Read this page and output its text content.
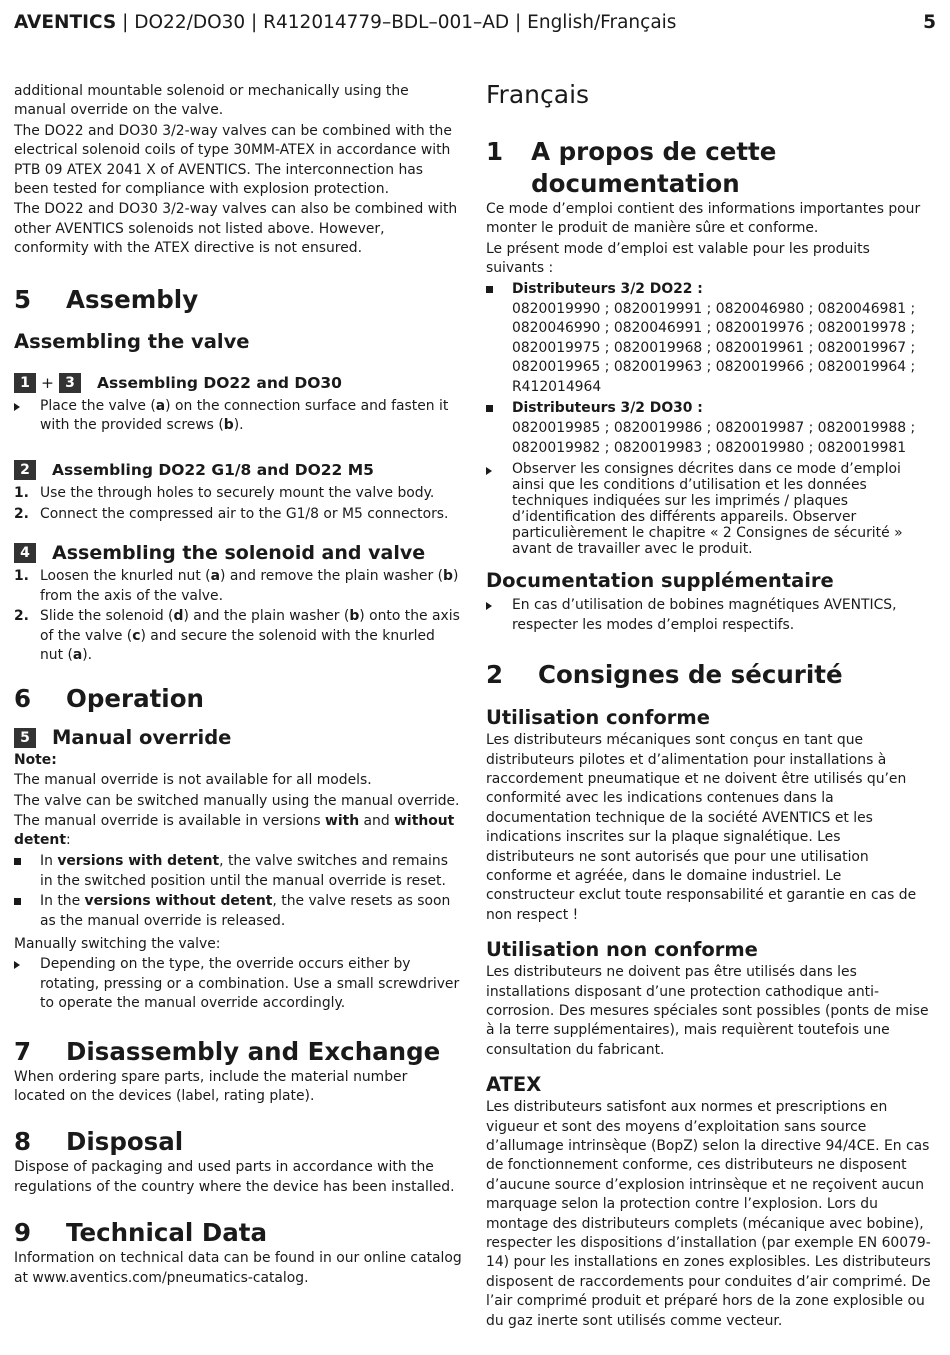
AVENTICS | DO22/DO30 | R412014779–BDL–001–AD | English/Français	5

additional mountable solenoid or mechanically using the manual override on the valve.

The DO22 and DO30 3/2-way valves can be combined with the electrical solenoid coils of type 30MM-ATEX in accordance with PTB 09 ATEX 2041 X of AVENTICS. The interconnection has been tested for compliance with explosion protection.

The DO22 and DO30 3/2-way valves can also be combined with other AVENTICS solenoids not listed above. However, conformity with the ATEX directive is not ensured.

5	Assembly
Assembling the valve
1 + 3	Assembling DO22 and DO30
Place the valve (a) on the connection surface and fasten it with the provided screws (b).
2	Assembling DO22 G1/8 and DO22 M5
1. Use the through holes to securely mount the valve body.
2. Connect the compressed air to the G1/8 or M5 connectors.
4	Assembling the solenoid and valve
1. Loosen the knurled nut (a) and remove the plain washer (b) from the axis of the valve.
2. Slide the solenoid (d) and the plain washer (b) onto the axis of the valve (c) and secure the solenoid with the knurled nut (a).
6	Operation
5	Manual override
Note:

The manual override is not available for all models.

The valve can be switched manually using the manual override. The manual override is available in versions with and without detent:

In versions with detent, the valve switches and remains in the switched position until the manual override is reset.
In the versions without detent, the valve resets as soon as the manual override is released.

Manually switching the valve:

Depending on the type, the override occurs either by rotating, pressing or a combination. Use a small screwdriver to operate the manual override accordingly.
7	Disassembly and Exchange

When ordering spare parts, include the material number located on the devices (label, rating plate).

8	Disposal

Dispose of packaging and used parts in accordance with the regulations of the country where the device has been installed.

9	Technical Data

Information on technical data can be found in our online catalog at www.aventics.com/pneumatics-catalog.

Français
1	A propos de cette documentation

Ce mode d’emploi contient des informations importantes pour monter le produit de manière sûre et conforme.

Le présent mode d’emploi est valable pour les produits suivants :

Distributeurs 3/2 DO22 :
0820019990 ; 0820019991 ; 0820046980 ; 0820046981 ; 0820046990 ; 0820046991 ; 0820019976 ; 0820019978 ; 0820019975 ; 0820019968 ; 0820019961 ; 0820019967 ; 0820019965 ; 0820019963 ; 0820019966 ; 0820019964 ; R412014964
Distributeurs 3/2 DO30 :
0820019985 ; 0820019986 ; 0820019987 ; 0820019988 ; 0820019982 ; 0820019983 ; 0820019980 ; 0820019981
Observer les consignes décrites dans ce mode d’emploi ainsi que les conditions d’utilisation et les données techniques indiquées sur les imprimés / plaques d’identification des différents appareils. Observer particulièrement le chapitre « 2 Consignes de sécurité » avant de travailler avec le produit.
Documentation supplémentaire
En cas d’utilisation de bobines magnétiques AVENTICS, respecter les modes d’emploi respectifs.
2	Consignes de sécurité
Utilisation conforme

Les distributeurs mécaniques sont conçus en tant que distributeurs pilotes et d’alimentation pour installations à raccordement pneumatique et ne doivent être utilisés qu’en conformité avec les indications contenues dans la documentation technique de la société AVENTICS et les indications inscrites sur la plaque signalétique. Les distributeurs ne sont autorisés que pour une utilisation conforme et agréée, dans le domaine industriel. Le constructeur exclut toute responsabilité et garantie en cas de non respect !

Utilisation non conforme

Les distributeurs ne doivent pas être utilisés dans les installations disposant d’une protection cathodique anti-corrosion. Des mesures spéciales sont possibles (ponts de mise à la terre supplémentaires), mais requièrent toutefois une consultation du fabricant.

ATEX

Les distributeurs satisfont aux normes et prescriptions en vigueur et sont des moyens d’exploitation sans source d’allumage intrinsèque (BopZ) selon la directive 94/4CE. En cas de fonctionnement conforme, ces distributeurs ne disposent d’aucune source d’explosion intrinsèque et ne reçoivent aucun marquage selon la protection contre l’explosion. Lors du montage des distributeurs complets (mécanique avec bobine), respecter les dispositions d’installation (par exemple EN 60079-14) pour les installations en zones explosibles. Les distributeurs disposent de raccordements pour conduites d’air comprimé. De l’air comprimé produit et préparé hors de la zone explosible ou du gaz inerte sont utilisés comme vecteur.
